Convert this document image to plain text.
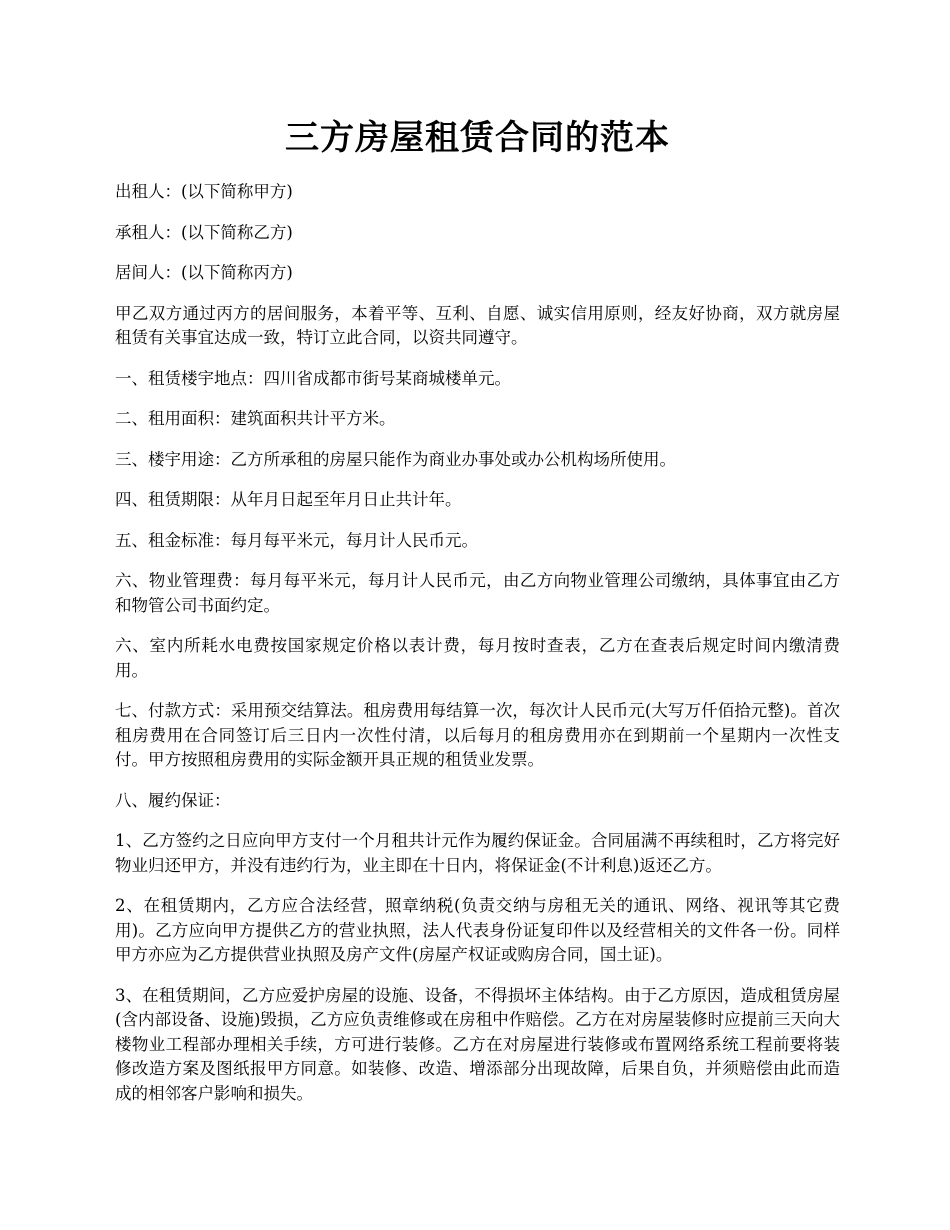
三方房屋租赁合同的范本

出租人：(以下简称甲方)

承租人：(以下简称乙方)

居间人：(以下简称丙方)

甲乙双方通过丙方的居间服务，本着平等、互利、自愿、诚实信用原则，经友好协商，双方就房屋租赁有关事宜达成一致，特订立此合同，以资共同遵守。

一、租赁楼宇地点：四川省成都市街号某商城楼单元。

二、租用面积：建筑面积共计平方米。

三、楼宇用途：乙方所承租的房屋只能作为商业办事处或办公机构场所使用。

四、租赁期限：从年月日起至年月日止共计年。

五、租金标准：每月每平米元，每月计人民币元。

六、物业管理费：每月每平米元，每月计人民币元，由乙方向物业管理公司缴纳，具体事宜由乙方和物管公司书面约定。

六、室内所耗水电费按国家规定价格以表计费，每月按时查表，乙方在查表后规定时间内缴清费用。

七、付款方式：采用预交结算法。租房费用每结算一次，每次计人民币元(大写万仟佰拾元整)。首次租房费用在合同签订后三日内一次性付清，以后每月的租房费用亦在到期前一个星期内一次性支付。甲方按照租房费用的实际金额开具正规的租赁业发票。

八、履约保证：

1、乙方签约之日应向甲方支付一个月租共计元作为履约保证金。合同届满不再续租时，乙方将完好物业归还甲方，并没有违约行为，业主即在十日内，将保证金(不计利息)返还乙方。

2、在租赁期内，乙方应合法经营，照章纳税(负责交纳与房租无关的通讯、网络、视讯等其它费用)。乙方应向甲方提供乙方的营业执照，法人代表身份证复印件以及经营相关的文件各一份。同样甲方亦应为乙方提供营业执照及房产文件(房屋产权证或购房合同，国土证)。

3、在租赁期间，乙方应爱护房屋的设施、设备，不得损坏主体结构。由于乙方原因，造成租赁房屋(含内部设备、设施)毁损，乙方应负责维修或在房租中作赔偿。乙方在对房屋装修时应提前三天向大楼物业工程部办理相关手续，方可进行装修。乙方在对房屋进行装修或布置网络系统工程前要将装修改造方案及图纸报甲方同意。如装修、改造、增添部分出现故障，后果自负，并须赔偿由此而造成的相邻客户影响和损失。
